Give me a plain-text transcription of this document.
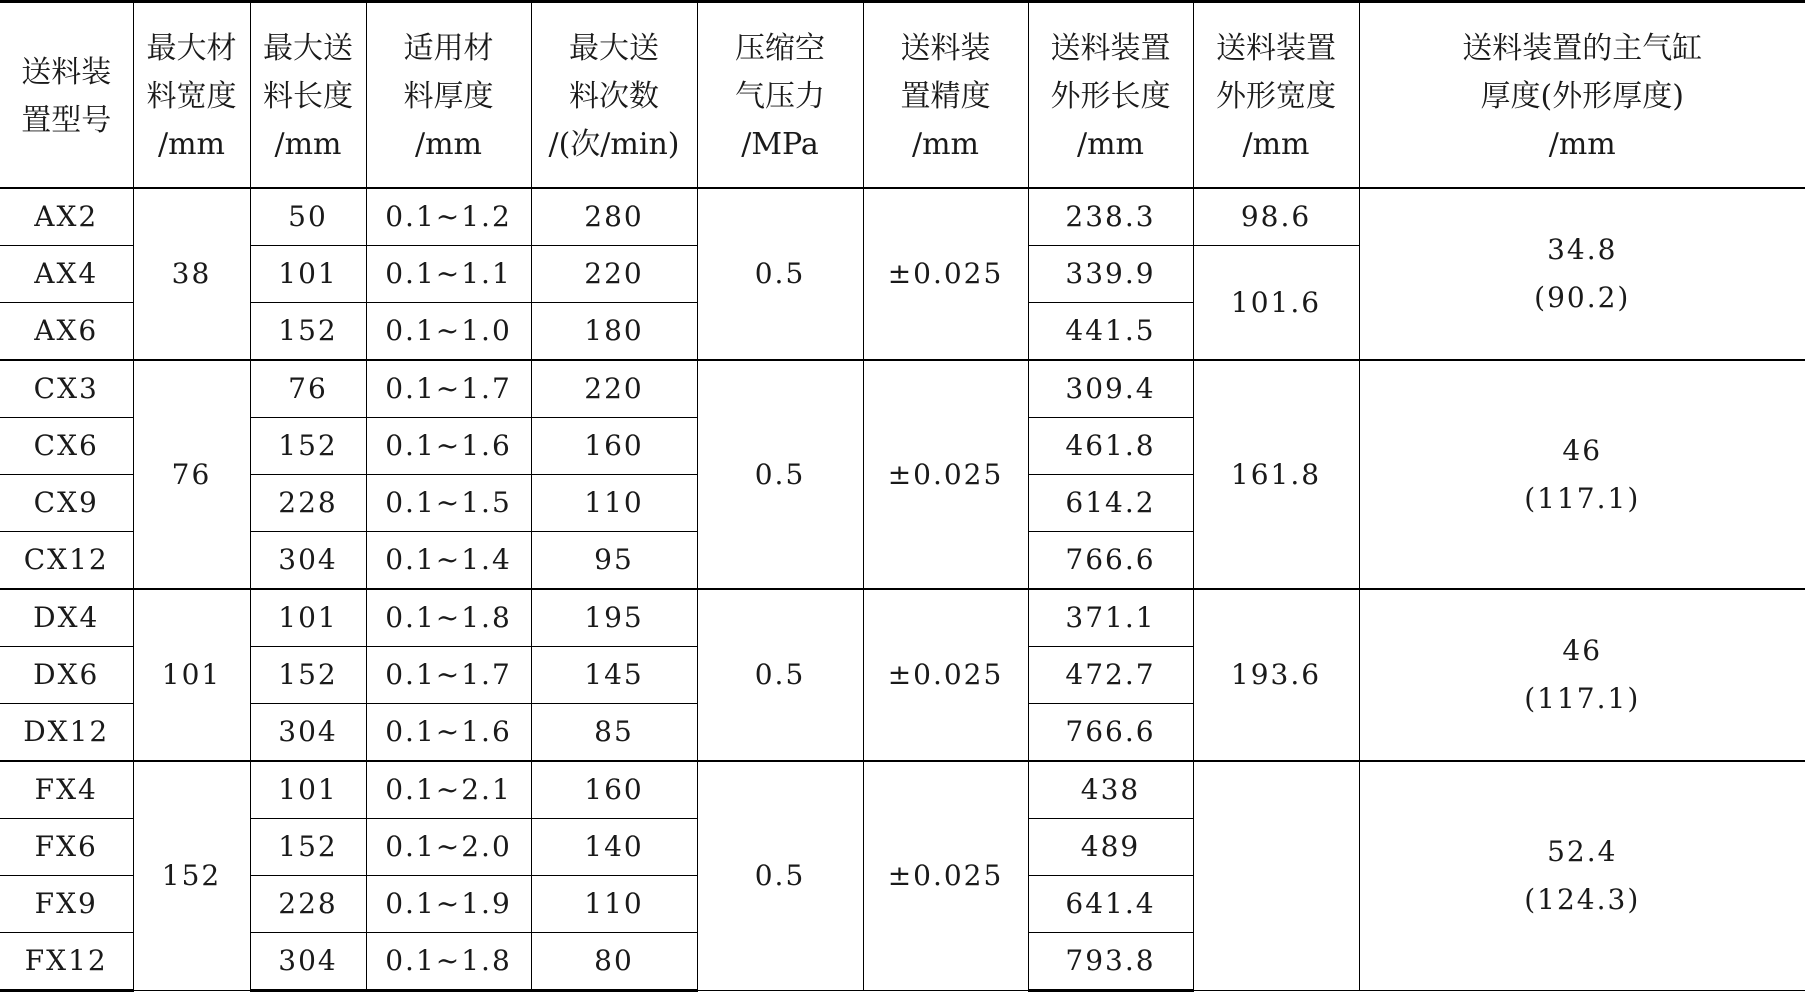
送料装
置型号	最大材
料宽度
/mm	最大送
料长度
/mm	适用材
料厚度
/mm	最大送
料次数
/(次/min)	压缩空
气压力
/MPa	送料装
置精度
/mm	送料装置
外形长度
/mm	送料装置
外形宽度
/mm	送料装置的主气缸
厚度(外形厚度)
/mm

AX2	38	50	0.1~1.2	280	0.5	±0.025	238.3	98.6	34.8
(90.2)

AX4		101	0.1~1.1	220			339.9	101.6	
AX6		152	0.1~1.0	180			441.5		
CX3	76	76	0.1~1.7	220	0.5	±0.025	309.4	161.8	46
(117.1)

CX6		152	0.1~1.6	160			461.8		
CX9		228	0.1~1.5	110			614.2		
CX12		304	0.1~1.4	95			766.6		
DX4	101	101	0.1~1.8	195	0.5	±0.025	371.1	193.6	46
(117.1)

DX6		152	0.1~1.7	145			472.7		
DX12		304	0.1~1.6	85			766.6		
FX4	152	101	0.1~2.1	160	0.5	±0.025	438		52.4
(124.3)

FX6		152	0.1~2.0	140			489		
FX9		228	0.1~1.9	110			641.4		
FX12		304	0.1~1.8	80			793.8		
